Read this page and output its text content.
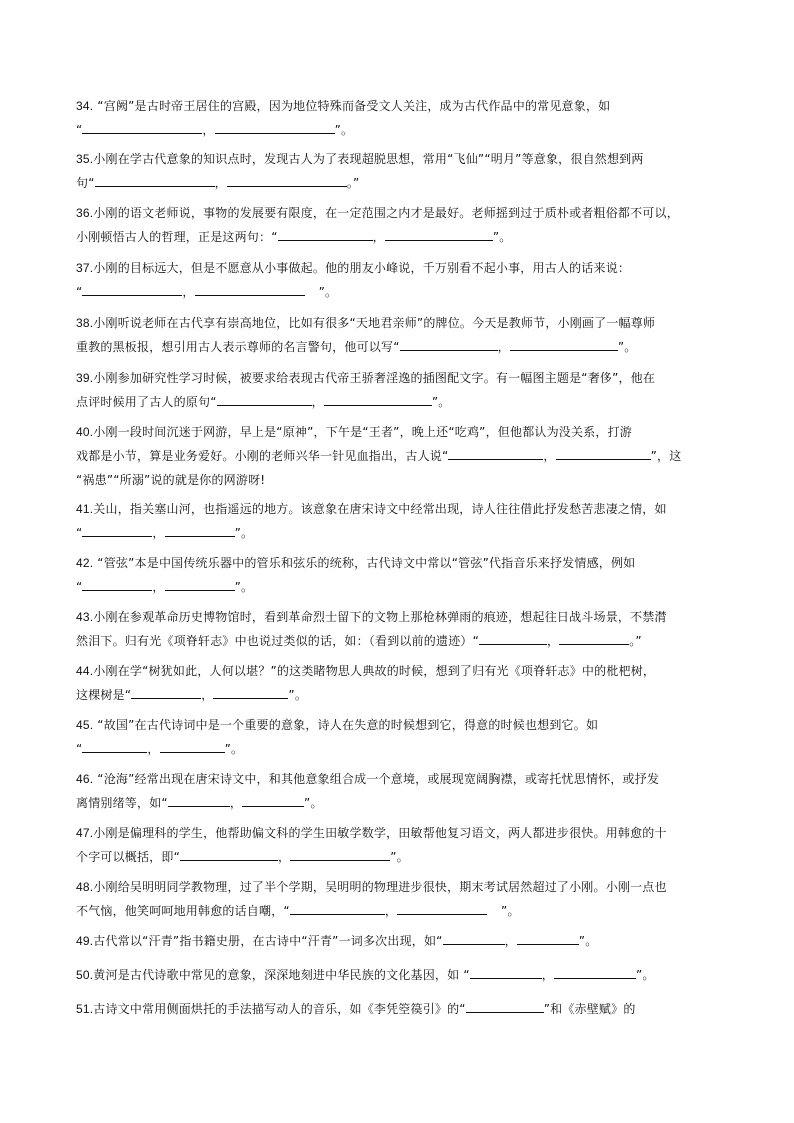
34. “宫阙”是古时帝王居住的宫殿，因为地位特殊而备受文人关注，成为古代作品中的常见意象，如
“	，	”。
35.小刚在学古代意象的知识点时，发现古人为了表现超脱思想，常用“飞仙”“明月”等意象，很自然想到两
句“	，	。”
36.小刚的语文老师说，事物的发展要有限度，在一定范围之内才是最好。老师摇到过于质朴或者粗俗都不可以，
小刚顿悟古人的哲理，正是这两句：“	，	”。
37.小刚的目标远大，但是不愿意从小事做起。他的朋友小峰说，千万别看不起小事，用古人的话来说：
“	，	”。
38.小刚听说老师在古代享有崇高地位，比如有很多“天地君亲师”的牌位。今天是教师节，小刚画了一幅尊师
重教的黑板报，想引用古人表示尊师的名言警句，他可以写“	，	”。
39.小刚参加研究性学习时候，被要求给表现古代帝王骄奢淫逸的插图配文字。有一幅图主题是“奢侈”，他在
点评时候用了古人的原句“	，	”。
40.小刚一段时间沉迷于网游，早上是“原神”，下午是“王者”，晚上还“吃鸡”，但他都认为没关系，打游
戏都是小节，算是业务爱好。小刚的老师兴华一针见血指出，古人说“	，	”，这
“祸患”“所溺”说的就是你的网游呀!
41.关山，指关塞山河，也指遥远的地方。该意象在唐宋诗文中经常出现，诗人往往借此抒发愁苦悲凄之情，如
“	，	”。
42. “管弦”本是中国传统乐器中的管乐和弦乐的统称，古代诗文中常以“管弦”代指音乐来抒发情感，例如
“	，	”。
43.小刚在参观革命历史博物馆时，看到革命烈士留下的文物上那枪林弹雨的痕迹，想起往日战斗场景，不禁潸
然泪下。归有光《项脊轩志》中也说过类似的话，如：（看到以前的遗迹）“	，	。”
44.小刚在学“树犹如此，人何以堪？”的这类睹物思人典故的时候，想到了归有光《项脊轩志》中的枇杷树，
这棵树是“	，	”。
45. “故国”在古代诗词中是一个重要的意象，诗人在失意的时候想到它，得意的时候也想到它。如
“	，	”。
46. “沧海”经常出现在唐宋诗文中，和其他意象组合成一个意境，或展现宽阔胸襟，或寄托忧思情怀，或抒发
离情别绪等，如“	，	”。
47.小刚是偏理科的学生，他帮助偏文科的学生田敏学数学，田敏帮他复习语文，两人都进步很快。用韩愈的十
个字可以概括，即“	，	”。
48.小刚给吴明明同学教物理，过了半个学期，吴明明的物理进步很快，期末考试居然超过了小刚。小刚一点也
不气恼，他笑呵呵地用韩愈的话自嘲，“	，	”。
49.古代常以“汗青”指书籍史册，在古诗中“汗青”一词多次出现，如“	，	”。
50.黄河是古代诗歌中常见的意象，深深地刻进中华民族的文化基因，如 “	，	”。
51.古诗文中常用侧面烘托的手法描写动人的音乐，如《李凭箜篌引》的“	”和《赤壁赋》的
